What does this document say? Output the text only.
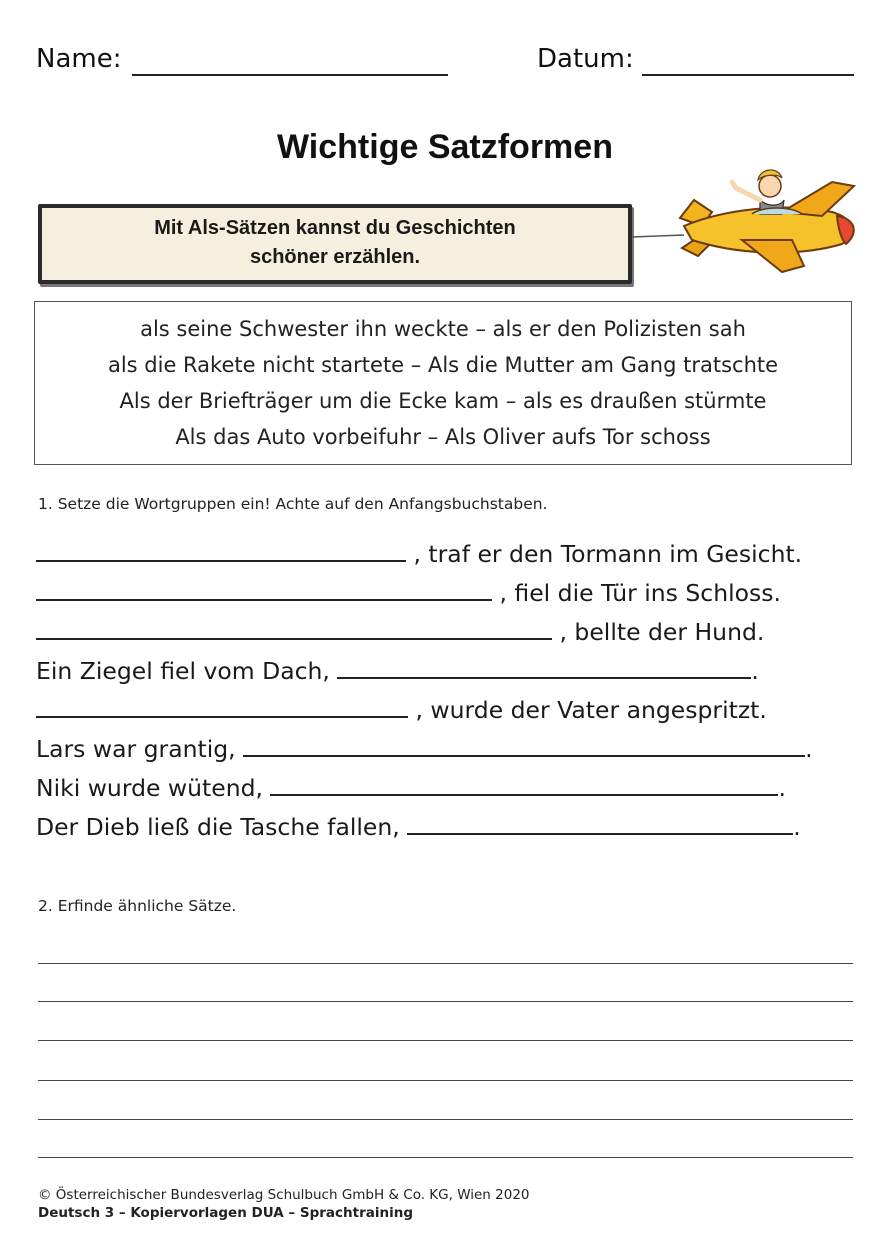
Name:	Datum:
Wichtige Satzformen
Mit Als-Sätzen kannst du Geschichten
schöner erzählen.
als seine Schwester ihn weckte – als er den Polizisten sah
als die Rakete nicht startete – Als die Mutter am Gang tratschte
Als der Briefträger um die Ecke kam – als es draußen stürmte
Als das Auto vorbeifuhr – Als Oliver aufs Tor schoss
1. Setze die Wortgruppen ein! Achte auf den Anfangsbuchstaben.
, traf er den Tormann im Gesicht.
, fiel die Tür ins Schloss.
, bellte der Hund.
Ein Ziegel fiel vom Dach,	.
, wurde der Vater angespritzt.
Lars war grantig,	.
Niki wurde wütend,	.
Der Dieb ließ die Tasche fallen,	.
2. Erfinde ähnliche Sätze.
© Österreichischer Bundesverlag Schulbuch GmbH & Co. KG, Wien 2020
Deutsch 3 – Kopiervorlagen DUA – Sprachtraining
